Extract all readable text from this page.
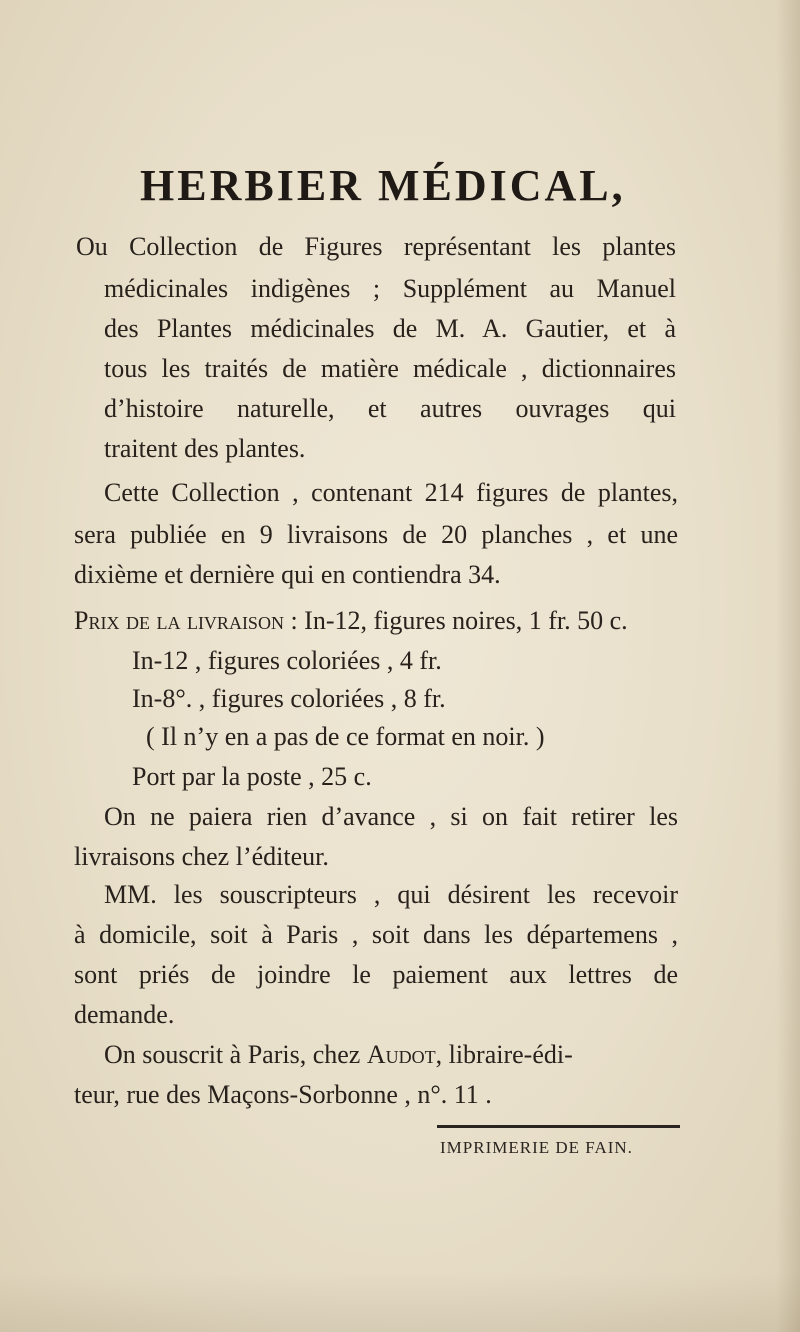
HERBIER MÉDICAL,
Ou Collection de Figures représentant les plantes
médicinales indigènes ; Supplément au Manuel
des Plantes médicinales de M. A. Gautier, et à
tous les traités de matière médicale , dictionnaires
d’histoire naturelle, et autres ouvrages qui
traitent des plantes.
Cette Collection , contenant 214 figures de plantes,
sera publiée en 9 livraisons de 20 planches , et une
dixième et dernière qui en contiendra 34.
Prix de la livraison : In-12, figures noires, 1 fr. 50 c.
In-12 , figures coloriées , 4 fr.
In-8°. , figures coloriées , 8 fr.
( Il n’y en a pas de ce format en noir. )
Port par la poste , 25 c.
On ne paiera rien d’avance , si on fait retirer les
livraisons chez l’éditeur.
MM. les souscripteurs , qui désirent les recevoir
à domicile, soit à Paris , soit dans les départemens ,
sont priés de joindre le paiement aux lettres de
demande.
On souscrit à Paris, chez Audot, libraire-édi-
teur, rue des Maçons-Sorbonne , n°. 11 .
IMPRIMERIE DE FAIN.
